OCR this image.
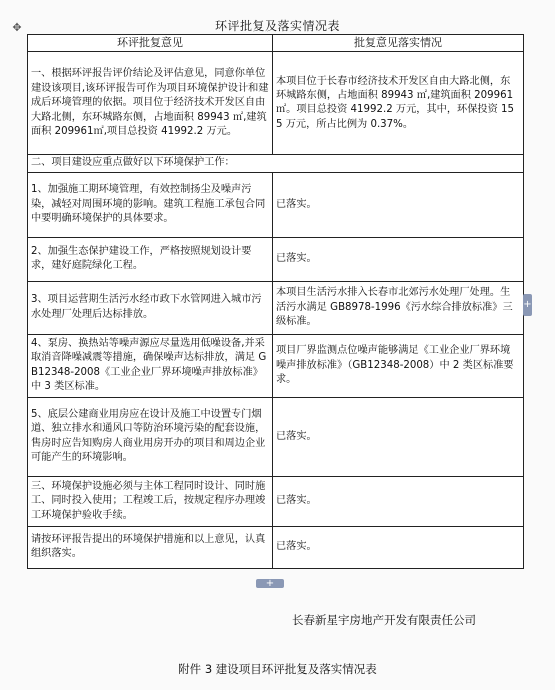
✥	环评批复及落实情况表
环评批复意见	批复意见落实情况
一、根据环评报告评价结论及评估意见，同意你单位建设该项目,该环评报告可作为项目环境保护设计和建成后环境管理的依据。项目位于经济技术开发区自由大路北侧，东环城路东侧，占地面积 89943 ㎡,建筑面积 209961㎡,项目总投资 41992.2 万元。	本项目位于长春市经济技术开发区自由大路北侧，东环城路东侧，占地面积 89943 ㎡,建筑面积 209961㎡。项目总投资 41992.2 万元，其中，环保投资 155 万元，所占比例为 0.37%。
二、项目建设应重点做好以下环境保护工作：	
1、加强施工期环境管理，有效控制扬尘及噪声污染，减轻对周围环境的影响。建筑工程施工承包合同中要明确环境保护的具体要求。	已落实。
2、加强生态保护建设工作，严格按照规划设计要求，建好庭院绿化工程。	已落实。
3、项目运营期生活污水经市政下水管网进入城市污水处理厂处理后达标排放。	本项目生活污水排入长春市北郊污水处理厂处理。生活污水满足 GB8978-1996《污水综合排放标准》三级标准。
4、泵房、换热站等噪声源应尽量选用低噪设备,并采取消音降噪减震等措施，确保噪声达标排放，满足 GB12348-2008《工业企业厂界环境噪声排放标准》中 3 类区标准。	项目厂界监测点位噪声能够满足《工业企业厂界环境噪声排放标准》（GB12348-2008）中 2 类区标准要求。
5、底层公建商业用房应在设计及施工中设置专门烟道、独立排水和通风口等防治环境污染的配套设施，售房时应告知购房人商业用房开办的项目和周边企业可能产生的环境影响。	已落实。
三、环境保护设施必须与主体工程同时设计、同时施工、同时投入使用；工程竣工后，按规定程序办理竣工环境保护验收手续。	已落实。
请按环评报告提出的环境保护措施和以上意见，认真组织落实。	已落实。
+
+
长春新星宇房地产开发有限责任公司
附件 3 建设项目环评批复及落实情况表
